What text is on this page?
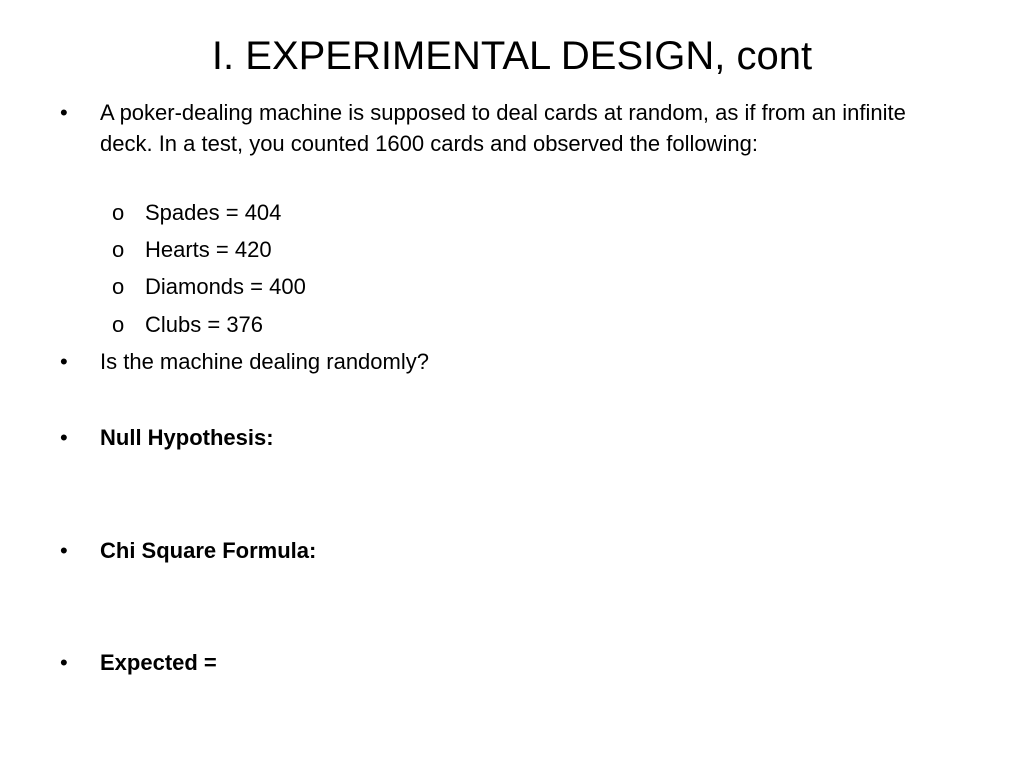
I. EXPERIMENTAL DESIGN, cont
•	A poker-dealing machine is supposed to deal cards at random, as if from an infinite deck. In a test, you counted 1600 cards and observed the following:
o Spades = 404
o Hearts = 420
o Diamonds = 400
o Clubs = 376
•	Is the machine dealing randomly?
•	Null Hypothesis:
•	Chi Square Formula:
•	Expected =
